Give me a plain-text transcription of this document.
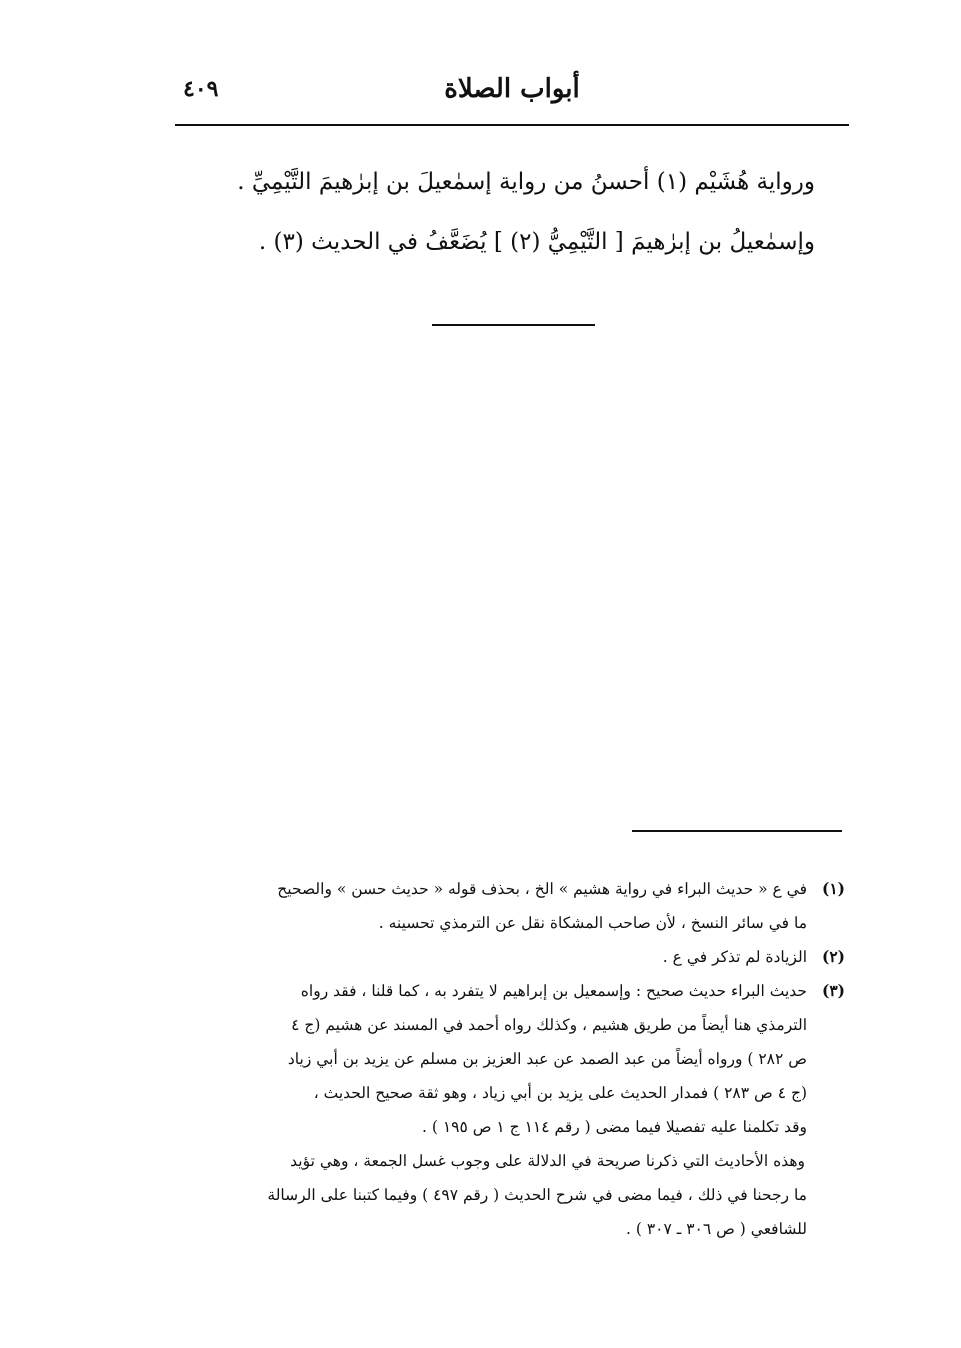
٤٠٩	أبواب الصلاة
ورواية هُشَيْم (١) أحسنُ من رواية إسمٰعيلَ بن إبرٰهيمَ التَّيْمِيِّ .
وإسمٰعيلُ بن إبرٰهيمَ [ التَّيْمِيُّ (٢) ] يُضَعَّفُ في الحديث (٣) .
(١)
في ع « حديث البراء في رواية هشيم » الخ ، بحذف قوله « حديث حسن » والصحيح
ما في سائر النسخ ، لأن صاحب المشكاة نقل عن الترمذي تحسينه .
(٢)
الزيادة لم تذكر في ع .
(٣)
حديث البراء حديث صحيح : وإسمعيل بن إبراهيم لا يتفرد به ، كما قلنا ، فقد رواه
الترمذي هنا أيضاً من طريق هشيم ، وكذلك رواه أحمد في المسند عن هشيم (ج ٤
ص ٢٨٢ ) ورواه أيضاً من عبد الصمد عن عبد العزيز بن مسلم عن يزيد بن أبي زياد
(ج ٤ ص ٢٨٣ ) فمدار الحديث على يزيد بن أبي زياد ، وهو ثقة صحيح الحديث ،
وقد تكلمنا عليه تفصيلا فيما مضى ( رقم ١١٤ ج ١ ص ١٩٥ ) .
وهذه الأحاديث التي ذكرنا صريحة في الدلالة على وجوب غسل الجمعة ، وهي تؤيد
ما رجحنا في ذلك ، فيما مضى في شرح الحديث ( رقم ٤٩٧ ) وفيما كتبنا على الرسالة
للشافعي ( ص ٣٠٦ ـ ٣٠٧ ) .
